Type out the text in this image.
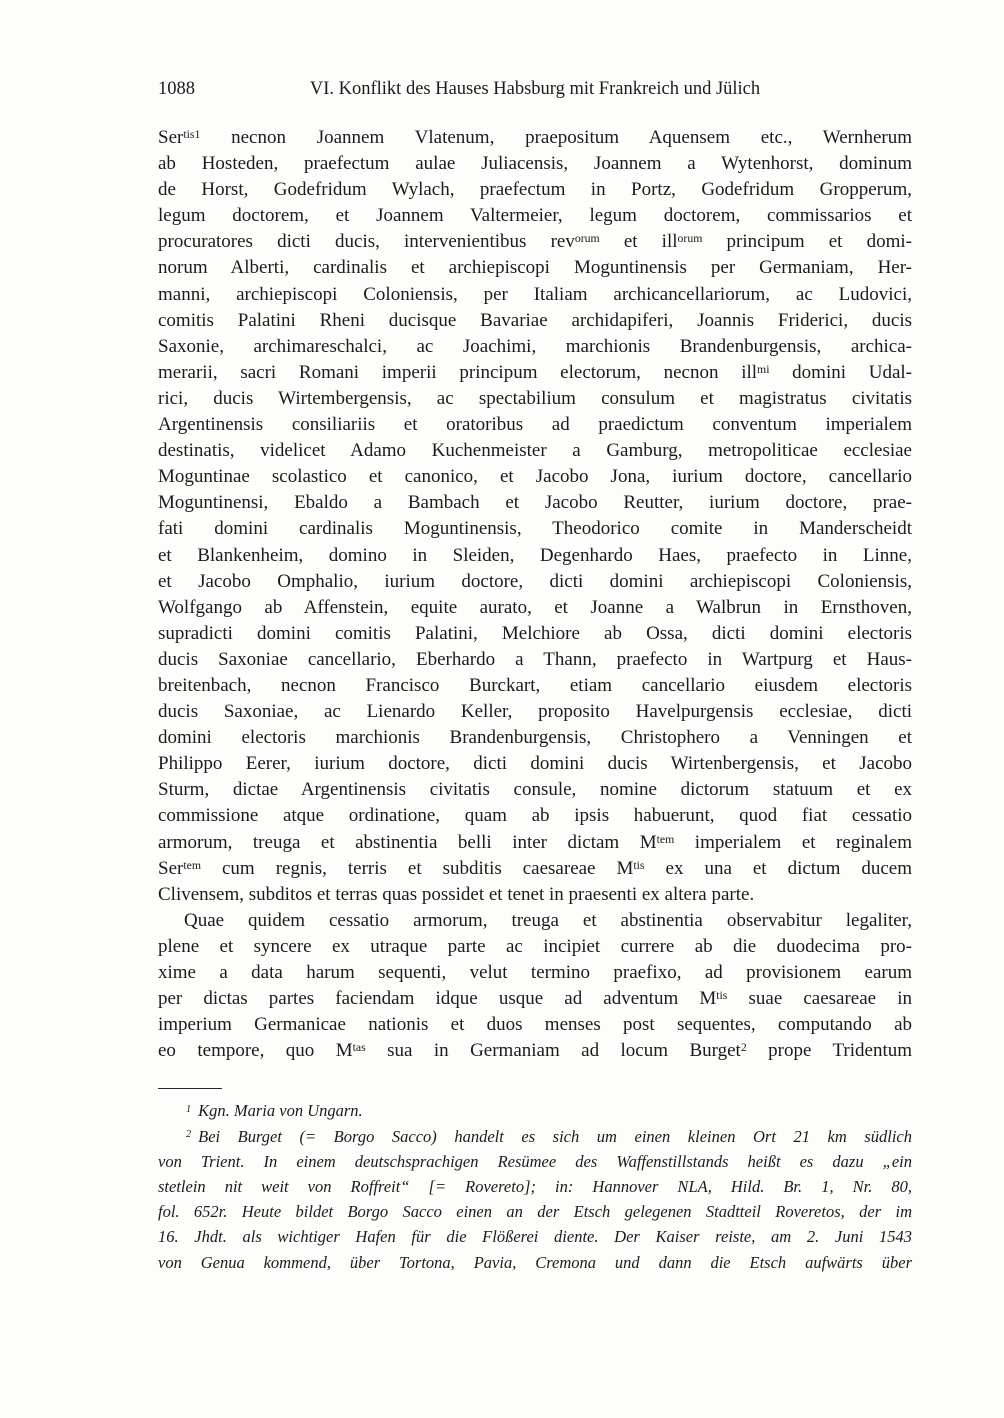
1088	VI. Konflikt des Hauses Habsburg mit Frankreich und Jülich
Ser$^{tis1}$ necnon Joannem Vlatenum, praepositum Aquensem etc., Wernherum
ab Hosteden, praefectum aulae Juliacensis, Joannem a Wytenhorst, dominum
de Horst, Godefridum Wylach, praefectum in Portz, Godefridum Gropperum,
legum doctorem, et Joannem Valtermeier, legum doctorem, commissarios et
procuratores dicti ducis, intervenientibus rev$^{orum}$ et ill$^{orum}$ principum et domi-
norum Alberti, cardinalis et archiepiscopi Moguntinensis per Germaniam, Her-
manni, archiepiscopi Coloniensis, per Italiam archicancellariorum, ac Ludovici,
comitis Palatini Rheni ducisque Bavariae archidapiferi, Joannis Friderici, ducis
Saxonie, archimareschalci, ac Joachimi, marchionis Brandenburgensis, archica-
merarii, sacri Romani imperii principum electorum, necnon ill$^{mi}$ domini Udal-
rici, ducis Wirtembergensis, ac spectabilium consulum et magistratus civitatis
Argentinensis consiliariis et oratoribus ad praedictum conventum imperialem
destinatis, videlicet Adamo Kuchenmeister a Gamburg, metropoliticae ecclesiae
Moguntinae scolastico et canonico, et Jacobo Jona, iurium doctore, cancellario
Moguntinensi, Ebaldo a Bambach et Jacobo Reutter, iurium doctore, prae-
fati domini cardinalis Moguntinensis, Theodorico comite in Manderscheidt
et Blankenheim, domino in Sleiden, Degenhardo Haes, praefecto in Linne,
et Jacobo Omphalio, iurium doctore, dicti domini archiepiscopi Coloniensis,
Wolfgango ab Affenstein, equite aurato, et Joanne a Walbrun in Ernsthoven,
supradicti domini comitis Palatini, Melchiore ab Ossa, dicti domini electoris
ducis Saxoniae cancellario, Eberhardo a Thann, praefecto in Wartpurg et Haus-
breitenbach, necnon Francisco Burckart, etiam cancellario eiusdem electoris
ducis Saxoniae, ac Lienardo Keller, proposito Havelpurgensis ecclesiae, dicti
domini electoris marchionis Brandenburgensis, Christophero a Venningen et
Philippo Eerer, iurium doctore, dicti domini ducis Wirtenbergensis, et Jacobo
Sturm, dictae Argentinensis civitatis consule, nomine dictorum statuum et ex
commissione atque ordinatione, quam ab ipsis habuerunt, quod fiat cessatio
armorum, treuga et abstinentia belli inter dictam $M^{tem}$ imperialem et reginalem
Ser$^{tem}$ cum regnis, terris et subditis caesareae $M^{tis}$ ex una et dictum ducem
Clivensem, subditos et terras quas possidet et tenet in praesenti ex altera parte.
Quae quidem cessatio armorum, treuga et abstinentia observabitur legaliter,
plene et syncere ex utraque parte ac incipiet currere ab die duodecima pro-
xime a data harum sequenti, velut termino praefixo, ad provisionem earum
per dictas partes faciendam idque usque ad adventum $M^{tis}$ suae caesareae in
imperium Germanicae nationis et duos menses post sequentes, computando ab
eo tempore, quo $M^{tas}$ sua in Germaniam ad locum Burget$^2$ prope Tridentum
$^1$ Kgn. Maria von Ungarn.
$^2$ Bei Burget (= Borgo Sacco) handelt es sich um einen kleinen Ort 21 km südlich
von Trient. In einem deutschsprachigen Resümee des Waffenstillstands heißt es dazu „ein
stetlein nit weit von Roffreit“ [= Rovereto]; in: Hannover NLA, Hild. Br. 1, Nr. 80,
fol. 652r. Heute bildet Borgo Sacco einen an der Etsch gelegenen Stadtteil Roveretos, der im
16. Jhdt. als wichtiger Hafen für die Flößerei diente. Der Kaiser reiste, am 2. Juni 1543
von Genua kommend, über Tortona, Pavia, Cremona und dann die Etsch aufwärts über
